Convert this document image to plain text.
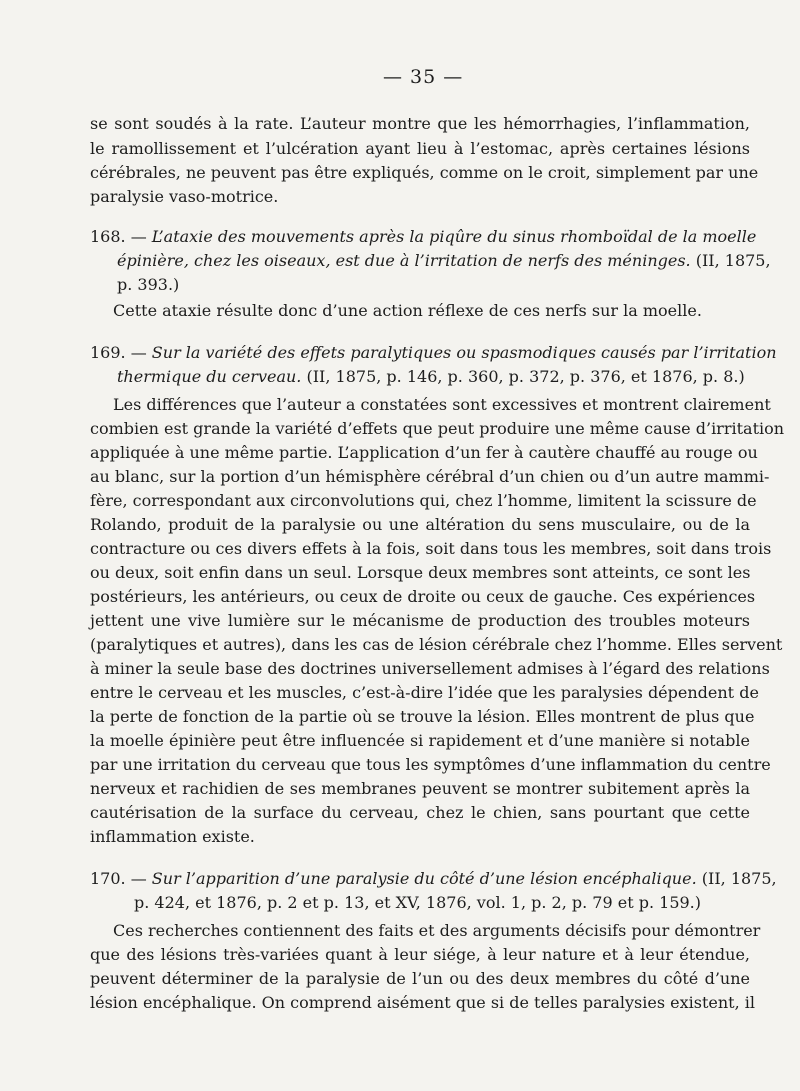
— 35 —
se sont soudés à la rate. L’auteur montre que les hémorrhagies, l’inflammation,
le ramollissement et l’ulcération ayant lieu à l’estomac, après certaines lésions
cérébrales, ne peuvent pas être expliqués, comme on le croit, simplement par une
paralysie vaso-motrice.
168. — L’ataxie des mouvements après la piqûre du sinus rhomboïdal de la moelle
épinière, chez les oiseaux, est due à l’irritation de nerfs des méninges. (II, 1875,
p. 393.)
Cette ataxie résulte donc d’une action réflexe de ces nerfs sur la moelle.
169. — Sur la variété des effets paralytiques ou spasmodiques causés par l’irritation
thermique du cerveau. (II, 1875, p. 146, p. 360, p. 372, p. 376, et 1876, p. 8.)
Les différences que l’auteur a constatées sont excessives et montrent clairement
combien est grande la variété d’effets que peut produire une même cause d’irritation
appliquée à une même partie. L’application d’un fer à cautère chauffé au rouge ou
au blanc, sur la portion d’un hémisphère cérébral d’un chien ou d’un autre mammi-
fère, correspondant aux circonvolutions qui, chez l’homme, limitent la scissure de
Rolando, produit de la paralysie ou une altération du sens musculaire, ou de la
contracture ou ces divers effets à la fois, soit dans tous les membres, soit dans trois
ou deux, soit enfin dans un seul. Lorsque deux membres sont atteints, ce sont les
postérieurs, les antérieurs, ou ceux de droite ou ceux de gauche. Ces expériences
jettent une vive lumière sur le mécanisme de production des troubles moteurs
(paralytiques et autres), dans les cas de lésion cérébrale chez l’homme. Elles servent
à miner la seule base des doctrines universellement admises à l’égard des relations
entre le cerveau et les muscles, c’est-à-dire l’idée que les paralysies dépendent de
la perte de fonction de la partie où se trouve la lésion. Elles montrent de plus que
la moelle épinière peut être influencée si rapidement et d’une manière si notable
par une irritation du cerveau que tous les symptômes d’une inflammation du centre
nerveux et rachidien de ses membranes peuvent se montrer subitement après la
cautérisation de la surface du cerveau, chez le chien, sans pourtant que cette
inflammation existe.
170. — Sur l’apparition d’une paralysie du côté d’une lésion encéphalique. (II, 1875,
p. 424, et 1876, p. 2 et p. 13, et XV, 1876, vol. 1, p. 2, p. 79 et p. 159.)
Ces recherches contiennent des faits et des arguments décisifs pour démontrer
que des lésions très-variées quant à leur siége, à leur nature et à leur étendue,
peuvent déterminer de la paralysie de l’un ou des deux membres du côté d’une
lésion encéphalique. On comprend aisément que si de telles paralysies existent, il
